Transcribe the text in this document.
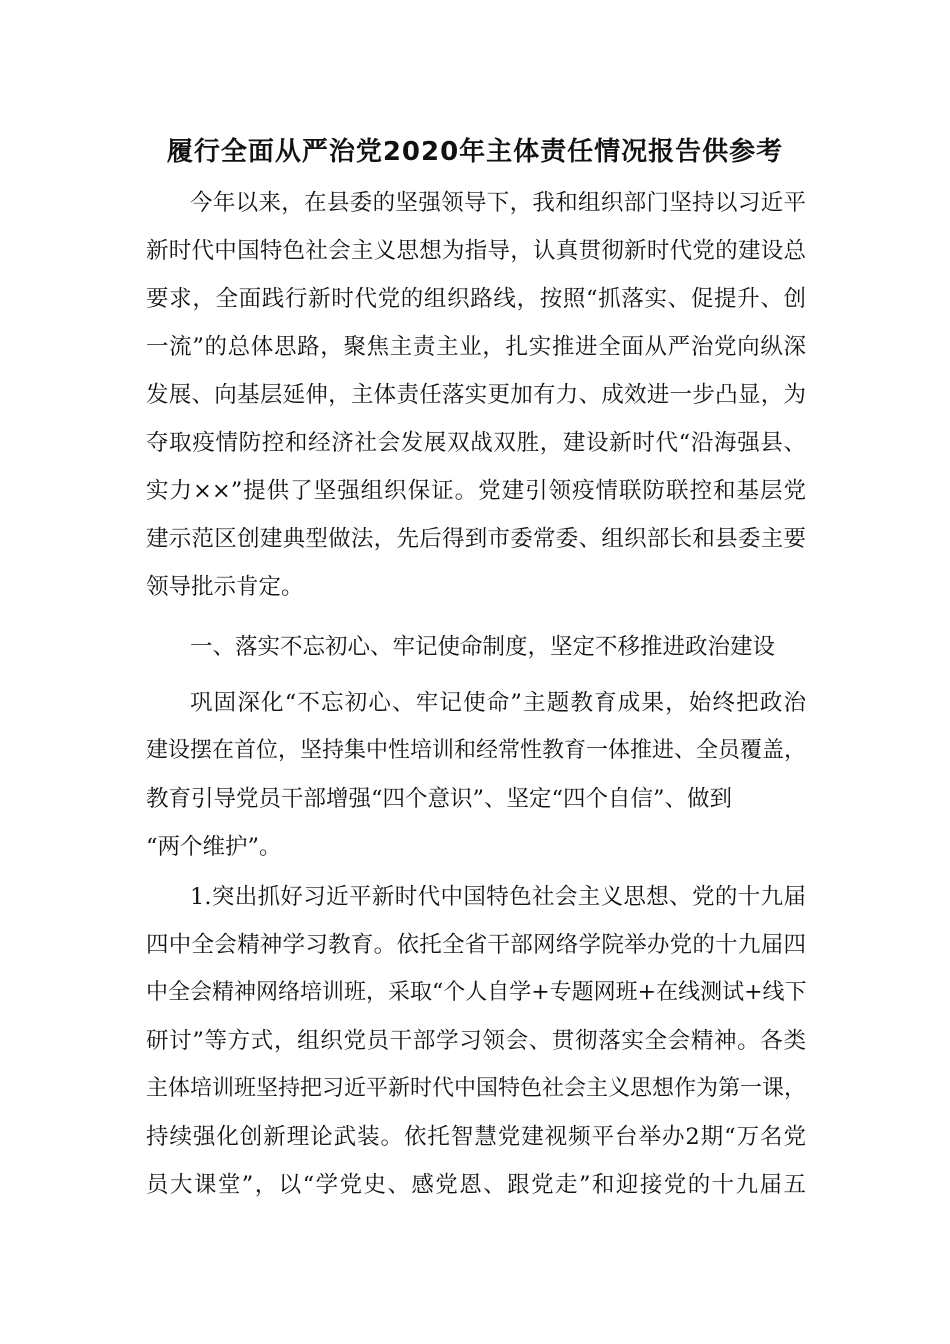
履行全面从严治党2020年主体责任情况报告供参考
今年以来，在县委的坚强领导下，我和组织部门坚持以习近平
新时代中国特色社会主义思想为指导，认真贯彻新时代党的建设总
要求，全面践行新时代党的组织路线，按照“抓落实、促提升、创
一流”的总体思路，聚焦主责主业，扎实推进全面从严治党向纵深
发展、向基层延伸，主体责任落实更加有力、成效进一步凸显，为
夺取疫情防控和经济社会发展双战双胜，建设新时代“沿海强县、
实力××”提供了坚强组织保证。党建引领疫情联防联控和基层党
建示范区创建典型做法，先后得到市委常委、组织部长和县委主要
领导批示肯定。
一、落实不忘初心、牢记使命制度，坚定不移推进政治建设
巩固深化“不忘初心、牢记使命”主题教育成果，始终把政治
建设摆在首位，坚持集中性培训和经常性教育一体推进、全员覆盖，
教育引导党员干部增强“四个意识”、坚定“四个自信”、做到
“两个维护”。
1.突出抓好习近平新时代中国特色社会主义思想、党的十九届
四中全会精神学习教育。依托全省干部网络学院举办党的十九届四
中全会精神网络培训班，采取“个人自学+专题网班+在线测试+线下
研讨”等方式，组织党员干部学习领会、贯彻落实全会精神。各类
主体培训班坚持把习近平新时代中国特色社会主义思想作为第一课，
持续强化创新理论武装。依托智慧党建视频平台举办2期“万名党
员大课堂”，以“学党史、感党恩、跟党走”和迎接党的十九届五
